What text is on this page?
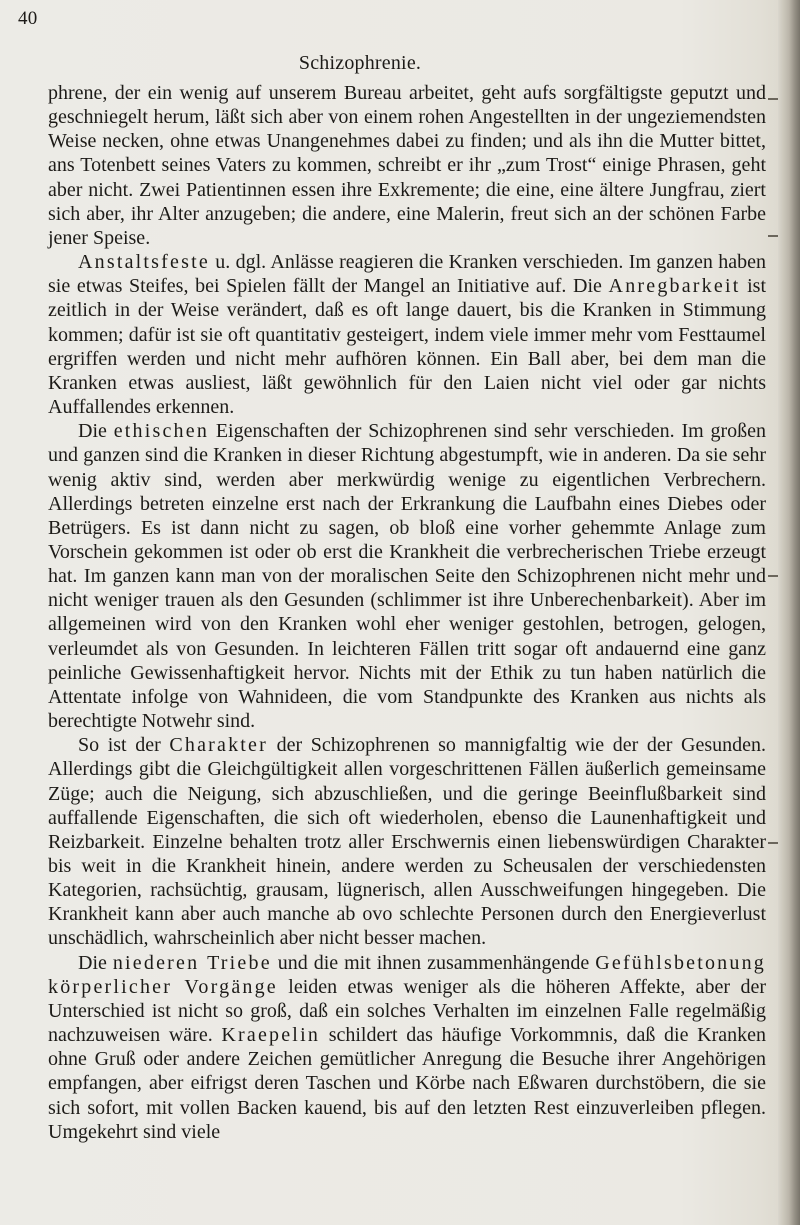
40
Schizophrenie.

phrene, der ein wenig auf unserem Bureau arbeitet, geht aufs sorgfältigste geputzt und geschniegelt herum, läßt sich aber von einem rohen Angestellten in der ungeziemendsten Weise necken, ohne etwas Unangenehmes dabei zu finden; und als ihn die Mutter bittet, ans Totenbett seines Vaters zu kommen, schreibt er ihr „zum Trost“ einige Phrasen, geht aber nicht. Zwei Patientinnen essen ihre Exkremente; die eine, eine ältere Jungfrau, ziert sich aber, ihr Alter anzugeben; die andere, eine Malerin, freut sich an der schönen Farbe jener Speise.

Anstaltsfeste u. dgl. Anlässe reagieren die Kranken verschieden. Im ganzen haben sie etwas Steifes, bei Spielen fällt der Mangel an Initiative auf. Die Anregbarkeit ist zeitlich in der Weise verändert, daß es oft lange dauert, bis die Kranken in Stimmung kommen; dafür ist sie oft quantitativ gesteigert, indem viele immer mehr vom Festtaumel ergriffen werden und nicht mehr aufhören können. Ein Ball aber, bei dem man die Kranken etwas ausliest, läßt gewöhnlich für den Laien nicht viel oder gar nichts Auffallendes erkennen.

Die ethischen Eigenschaften der Schizophrenen sind sehr verschieden. Im großen und ganzen sind die Kranken in dieser Richtung abgestumpft, wie in anderen. Da sie sehr wenig aktiv sind, werden aber merkwürdig wenige zu eigentlichen Verbrechern. Allerdings betreten einzelne erst nach der Erkrankung die Laufbahn eines Diebes oder Betrügers. Es ist dann nicht zu sagen, ob bloß eine vorher gehemmte Anlage zum Vorschein gekommen ist oder ob erst die Krankheit die verbrecherischen Triebe erzeugt hat. Im ganzen kann man von der moralischen Seite den Schizophrenen nicht mehr und nicht weniger trauen als den Gesunden (schlimmer ist ihre Unberechenbarkeit). Aber im allgemeinen wird von den Kranken wohl eher weniger gestohlen, betrogen, gelogen, verleumdet als von Gesunden. In leichteren Fällen tritt sogar oft andauernd eine ganz peinliche Gewissenhaftigkeit hervor. Nichts mit der Ethik zu tun haben natürlich die Attentate infolge von Wahnideen, die vom Standpunkte des Kranken aus nichts als berechtigte Notwehr sind.

So ist der Charakter der Schizophrenen so mannigfaltig wie der der Gesunden. Allerdings gibt die Gleichgültigkeit allen vorgeschrittenen Fällen äußerlich gemeinsame Züge; auch die Neigung, sich abzuschließen, und die geringe Beeinflußbarkeit sind auffallende Eigenschaften, die sich oft wiederholen, ebenso die Launenhaftigkeit und Reizbarkeit. Einzelne behalten trotz aller Erschwernis einen liebenswürdigen Charakter bis weit in die Krankheit hinein, andere werden zu Scheusalen der verschiedensten Kategorien, rachsüchtig, grausam, lügnerisch, allen Ausschweifungen hingegeben. Die Krankheit kann aber auch manche ab ovo schlechte Personen durch den Energieverlust unschädlich, wahrscheinlich aber nicht besser machen.

Die niederen Triebe und die mit ihnen zusammenhängende Gefühlsbetonung körperlicher Vorgänge leiden etwas weniger als die höheren Affekte, aber der Unterschied ist nicht so groß, daß ein solches Verhalten im einzelnen Falle regelmäßig nachzuweisen wäre. Kraepelin schildert das häufige Vorkommnis, daß die Kranken ohne Gruß oder andere Zeichen gemütlicher Anregung die Besuche ihrer Angehörigen empfangen, aber eifrigst deren Taschen und Körbe nach Eßwaren durchstöbern, die sie sich sofort, mit vollen Backen kauend, bis auf den letzten Rest einzuverleiben pflegen. Umgekehrt sind viele
